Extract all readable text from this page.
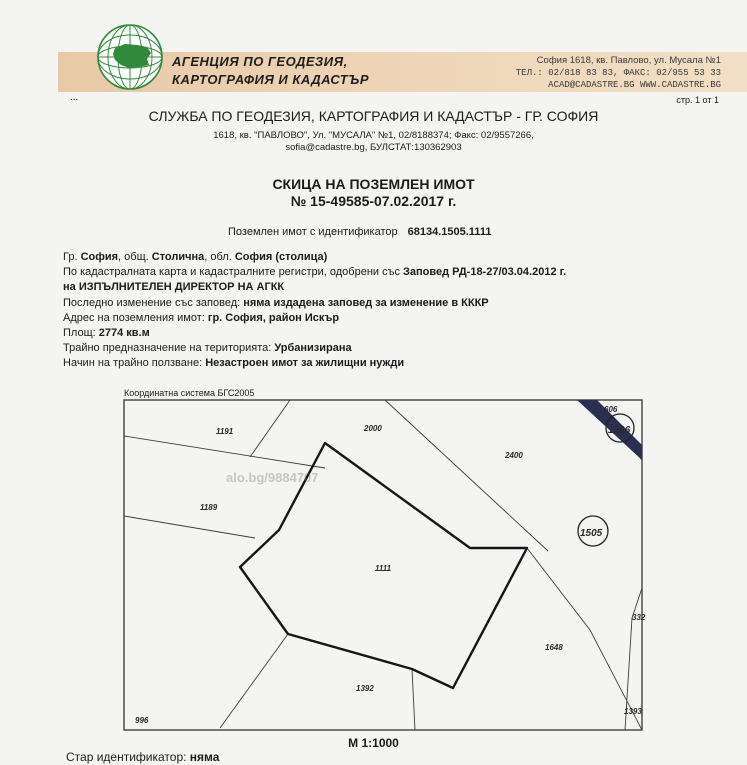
АГЕНЦИЯ ПО ГЕОДЕЗИЯ,
КАРТОГРАФИЯ И КАДАСТЪР
София 1618, кв. Павлово, ул. Мусала №1
ТЕЛ.: 02/818 83 83, ФАКС: 02/955 53 33
ACAD@CADASTRE.BG WWW.CADASTRE.BG
стр. 1 от 1
...
СЛУЖБА ПО ГЕОДЕЗИЯ, КАРТОГРАФИЯ И КАДАСТЪР - ГР. СОФИЯ
1618, кв. "ПАВЛОВО", Ул. "МУСАЛА" №1, 02/8188374; Факс: 02/9557266,
sofia@cadastre.bg, БУЛСТАТ:130362903
СКИЦА НА ПОЗЕМЛЕН ИМОТ
№ 15-49585-07.02.2017 г.
Поземлен имот с идентификатор 68134.1505.1111
Гр. София, общ. Столична, обл. София (столица)
По кадастралната карта и кадастралните регистри, одобрени със Заповед РД-18-27/03.04.2012 г.
на ИЗПЪЛНИТЕЛЕН ДИРЕКТОР НА АГКК
Последно изменение със заповед: няма издадена заповед за изменение в КККР
Адрес на поземления имот: гр. София, район Искър
Площ: 2774 кв.м
Трайно предназначение на територията: Урбанизирана
Начин на трайно ползване: Незастроен имот за жилищни нужди
Координатна система БГС2005
1191	2000
2400
606
1506
1505
1189
1111
332
1648
1392
996
1393
alo.bg/9884707
М 1:1000
Стар идентификатор: няма
